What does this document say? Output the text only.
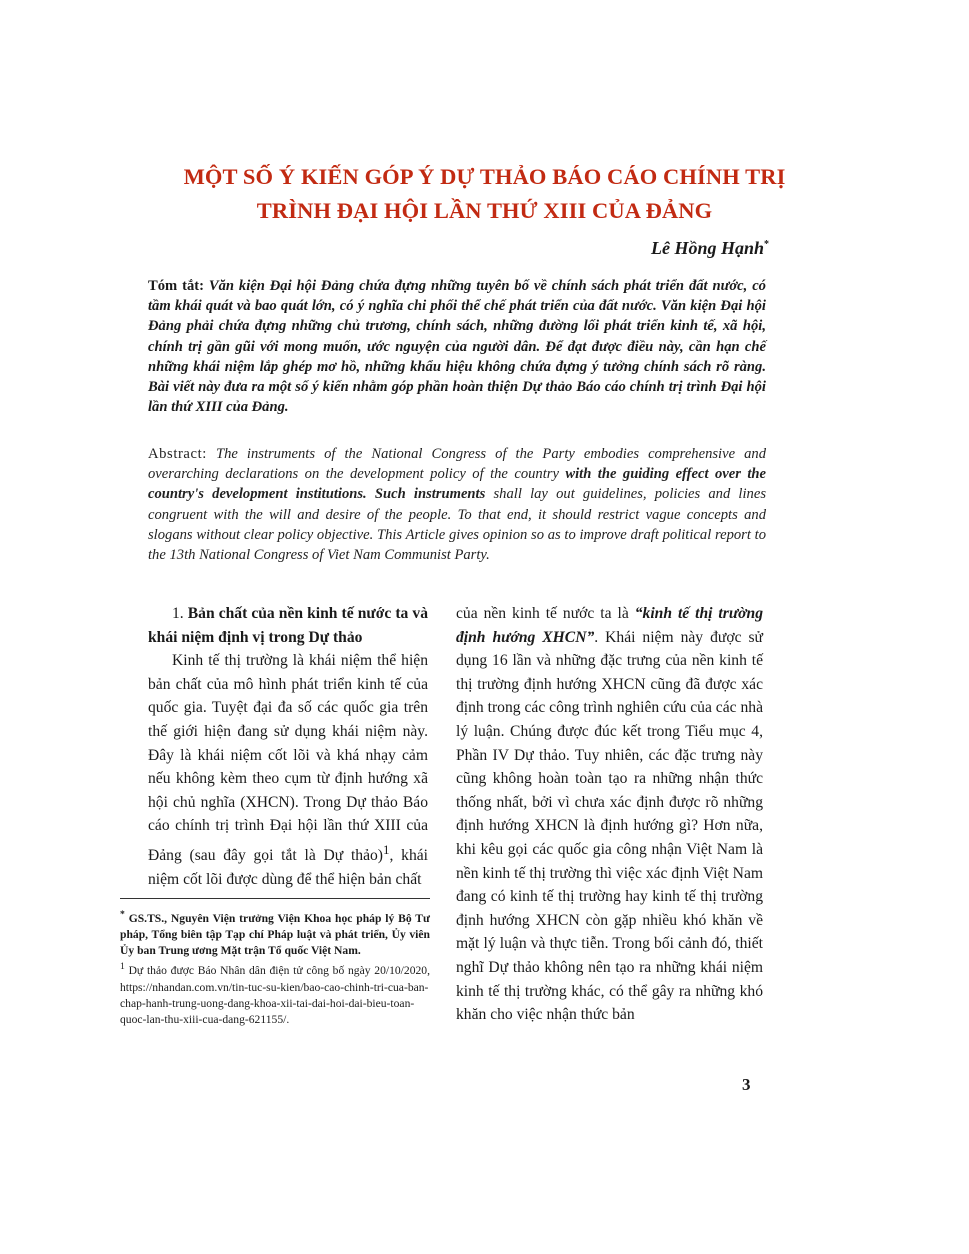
MỘT SỐ Ý KIẾN GÓP Ý DỰ THẢO BÁO CÁO CHÍNH TRỊ
TRÌNH ĐẠI HỘI LẦN THỨ XIII CỦA ĐẢNG
Lê Hồng Hạnh*
Tóm tắt: Văn kiện Đại hội Đảng chứa đựng những tuyên bố về chính sách phát triển đất nước, có tầm khái quát và bao quát lớn, có ý nghĩa chi phối thể chế phát triển của đất nước. Văn kiện Đại hội Đảng phải chứa đựng những chủ trương, chính sách, những đường lối phát triển kinh tế, xã hội, chính trị gần gũi với mong muốn, ước nguyện của người dân. Để đạt được điều này, cần hạn chế những khái niệm lắp ghép mơ hồ, những khẩu hiệu không chứa đựng ý tưởng chính sách rõ ràng. Bài viết này đưa ra một số ý kiến nhằm góp phần hoàn thiện Dự thảo Báo cáo chính trị trình Đại hội lần thứ XIII của Đảng.
Abstract: The instruments of the National Congress of the Party embodies comprehensive and overarching declarations on the development policy of the country with the guiding effect over the country's development institutions. Such instruments shall lay out guidelines, policies and lines congruent with the will and desire of the people. To that end, it should restrict vague concepts and slogans without clear policy objective. This Article gives opinion so as to improve draft political report to the 13th National Congress of Viet Nam Communist Party.

1. Bản chất của nền kinh tế nước ta và khái niệm định vị trong Dự thảo

Kinh tế thị trường là khái niệm thể hiện bản chất của mô hình phát triển kinh tế của quốc gia. Tuyệt đại đa số các quốc gia trên thế giới hiện đang sử dụng khái niệm này. Đây là khái niệm cốt lõi và khá nhạy cảm nếu không kèm theo cụm từ định hướng xã hội chủ nghĩa (XHCN). Trong Dự thảo Báo cáo chính trị trình Đại hội lần thứ XIII của Đảng (sau đây gọi tắt là Dự thảo)$^1$, khái niệm cốt lõi được dùng để thể hiện bản chất

của nền kinh tế nước ta là “kinh tế thị trường định hướng XHCN”. Khái niệm này được sử dụng 16 lần và những đặc trưng của nền kinh tế thị trường định hướng XHCN cũng đã được xác định trong các công trình nghiên cứu của các nhà lý luận. Chúng được đúc kết trong Tiểu mục 4, Phần IV Dự thảo. Tuy nhiên, các đặc trưng này cũng không hoàn toàn tạo ra những nhận thức thống nhất, bởi vì chưa xác định được rõ những định hướng XHCN là định hướng gì? Hơn nữa, khi kêu gọi các quốc gia công nhận Việt Nam là nền kinh tế thị trường thì việc xác định Việt Nam đang có kinh tế thị trường hay kinh tế thị trường định hướng XHCN còn gặp nhiều khó khăn về mặt lý luận và thực tiễn. Trong bối cảnh đó, thiết nghĩ Dự thảo không nên tạo ra những khái niệm kinh tế thị trường khác, có thể gây ra những khó khăn cho việc nhận thức bản

* GS.TS., Nguyên Viện trưởng Viện Khoa học pháp lý Bộ Tư pháp, Tổng biên tập Tạp chí Pháp luật và phát triển, Ủy viên Ủy ban Trung ương Mặt trận Tổ quốc Việt Nam.

$^1$ Dự thảo được Báo Nhân dân điện tử công bố ngày 20/10/2020, https://nhandan.com.vn/tin-tuc-su-kien/bao-cao-chinh-tri-cua-ban-chap-hanh-trung-uong-dang-khoa-xii-tai-dai-hoi-dai-bieu-toan-quoc-lan-thu-xiii-cua-dang-621155/.

3
